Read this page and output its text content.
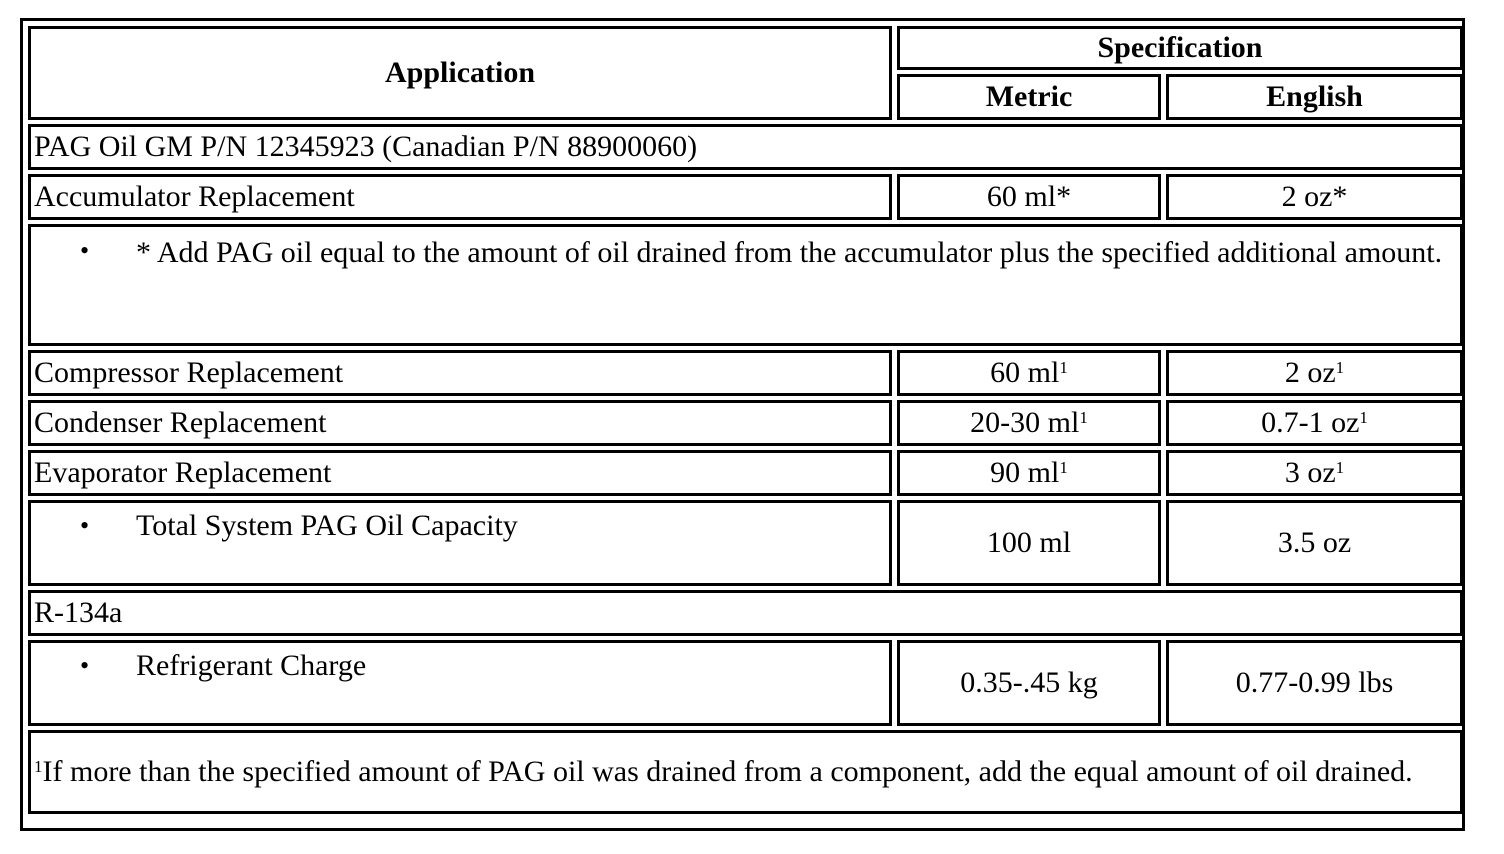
Application	Specification	
	Metric	English
PAG Oil GM P/N 12345923 (Canadian P/N 88900060)		
Accumulator Replacement	60 ml*	2 oz*

• * Add PAG oil equal to the amount of oil drained from the accumulator plus the specified additional amount.		

Compressor Replacement	60 $ml^1$	2 $oz^1$
Condenser Replacement	20-30 $ml^1$	0.7-1 $oz^1$
Evaporator Replacement	90 $ml^1$	3 $oz^1$

• Total System PAG Oil Capacity	100 ml	3.5 oz
R-134a		

• Refrigerant Charge	0.35-.45 kg	0.77-0.99 lbs
$^1$If more than the specified amount of PAG oil was drained from a component, add the equal amount of oil drained.		
